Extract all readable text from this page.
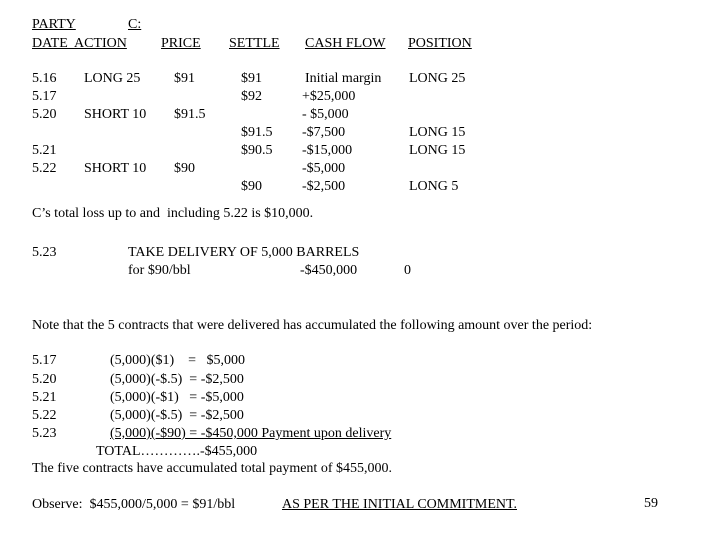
PARTY	C:
DATE  ACTION PRICE SETTLE CASH FLOW POSITION
5.16 LONG 25 $91	$91	Initial margin LONG 25
5.17	$92	+$25,000
5.20 SHORT 10 $91.5	- $5,000
$91.5 -$7,500	LONG 15
5.21	$90.5 -$15,000	LONG 15
5.22 SHORT 10 $90	-$5,000
$90	-$2,500	LONG 5
C’s total loss up to and  including 5.22 is $10,000.
5.23	TAKE DELIVERY OF 5,000 BARRELS
for $90/bbl	-$450,000	0
Note that the 5 contracts that were delivered has accumulated the following amount over the period:
5.17	(5,000)($1)    =   $5,000
5.20	(5,000)(-$.5)  = -$2,500
5.21	(5,000)(-$1)   = -$5,000
5.22	(5,000)(-$.5)  = -$2,500
5.23	(5,000)(-$90) = -$450,000 Payment upon delivery
TOTAL………….-$455,000
The five contracts have accumulated total payment of $455,000.
Observe:  $455,000/5,000 = $91/bbl	AS PER THE INITIAL COMMITMENT.	59
